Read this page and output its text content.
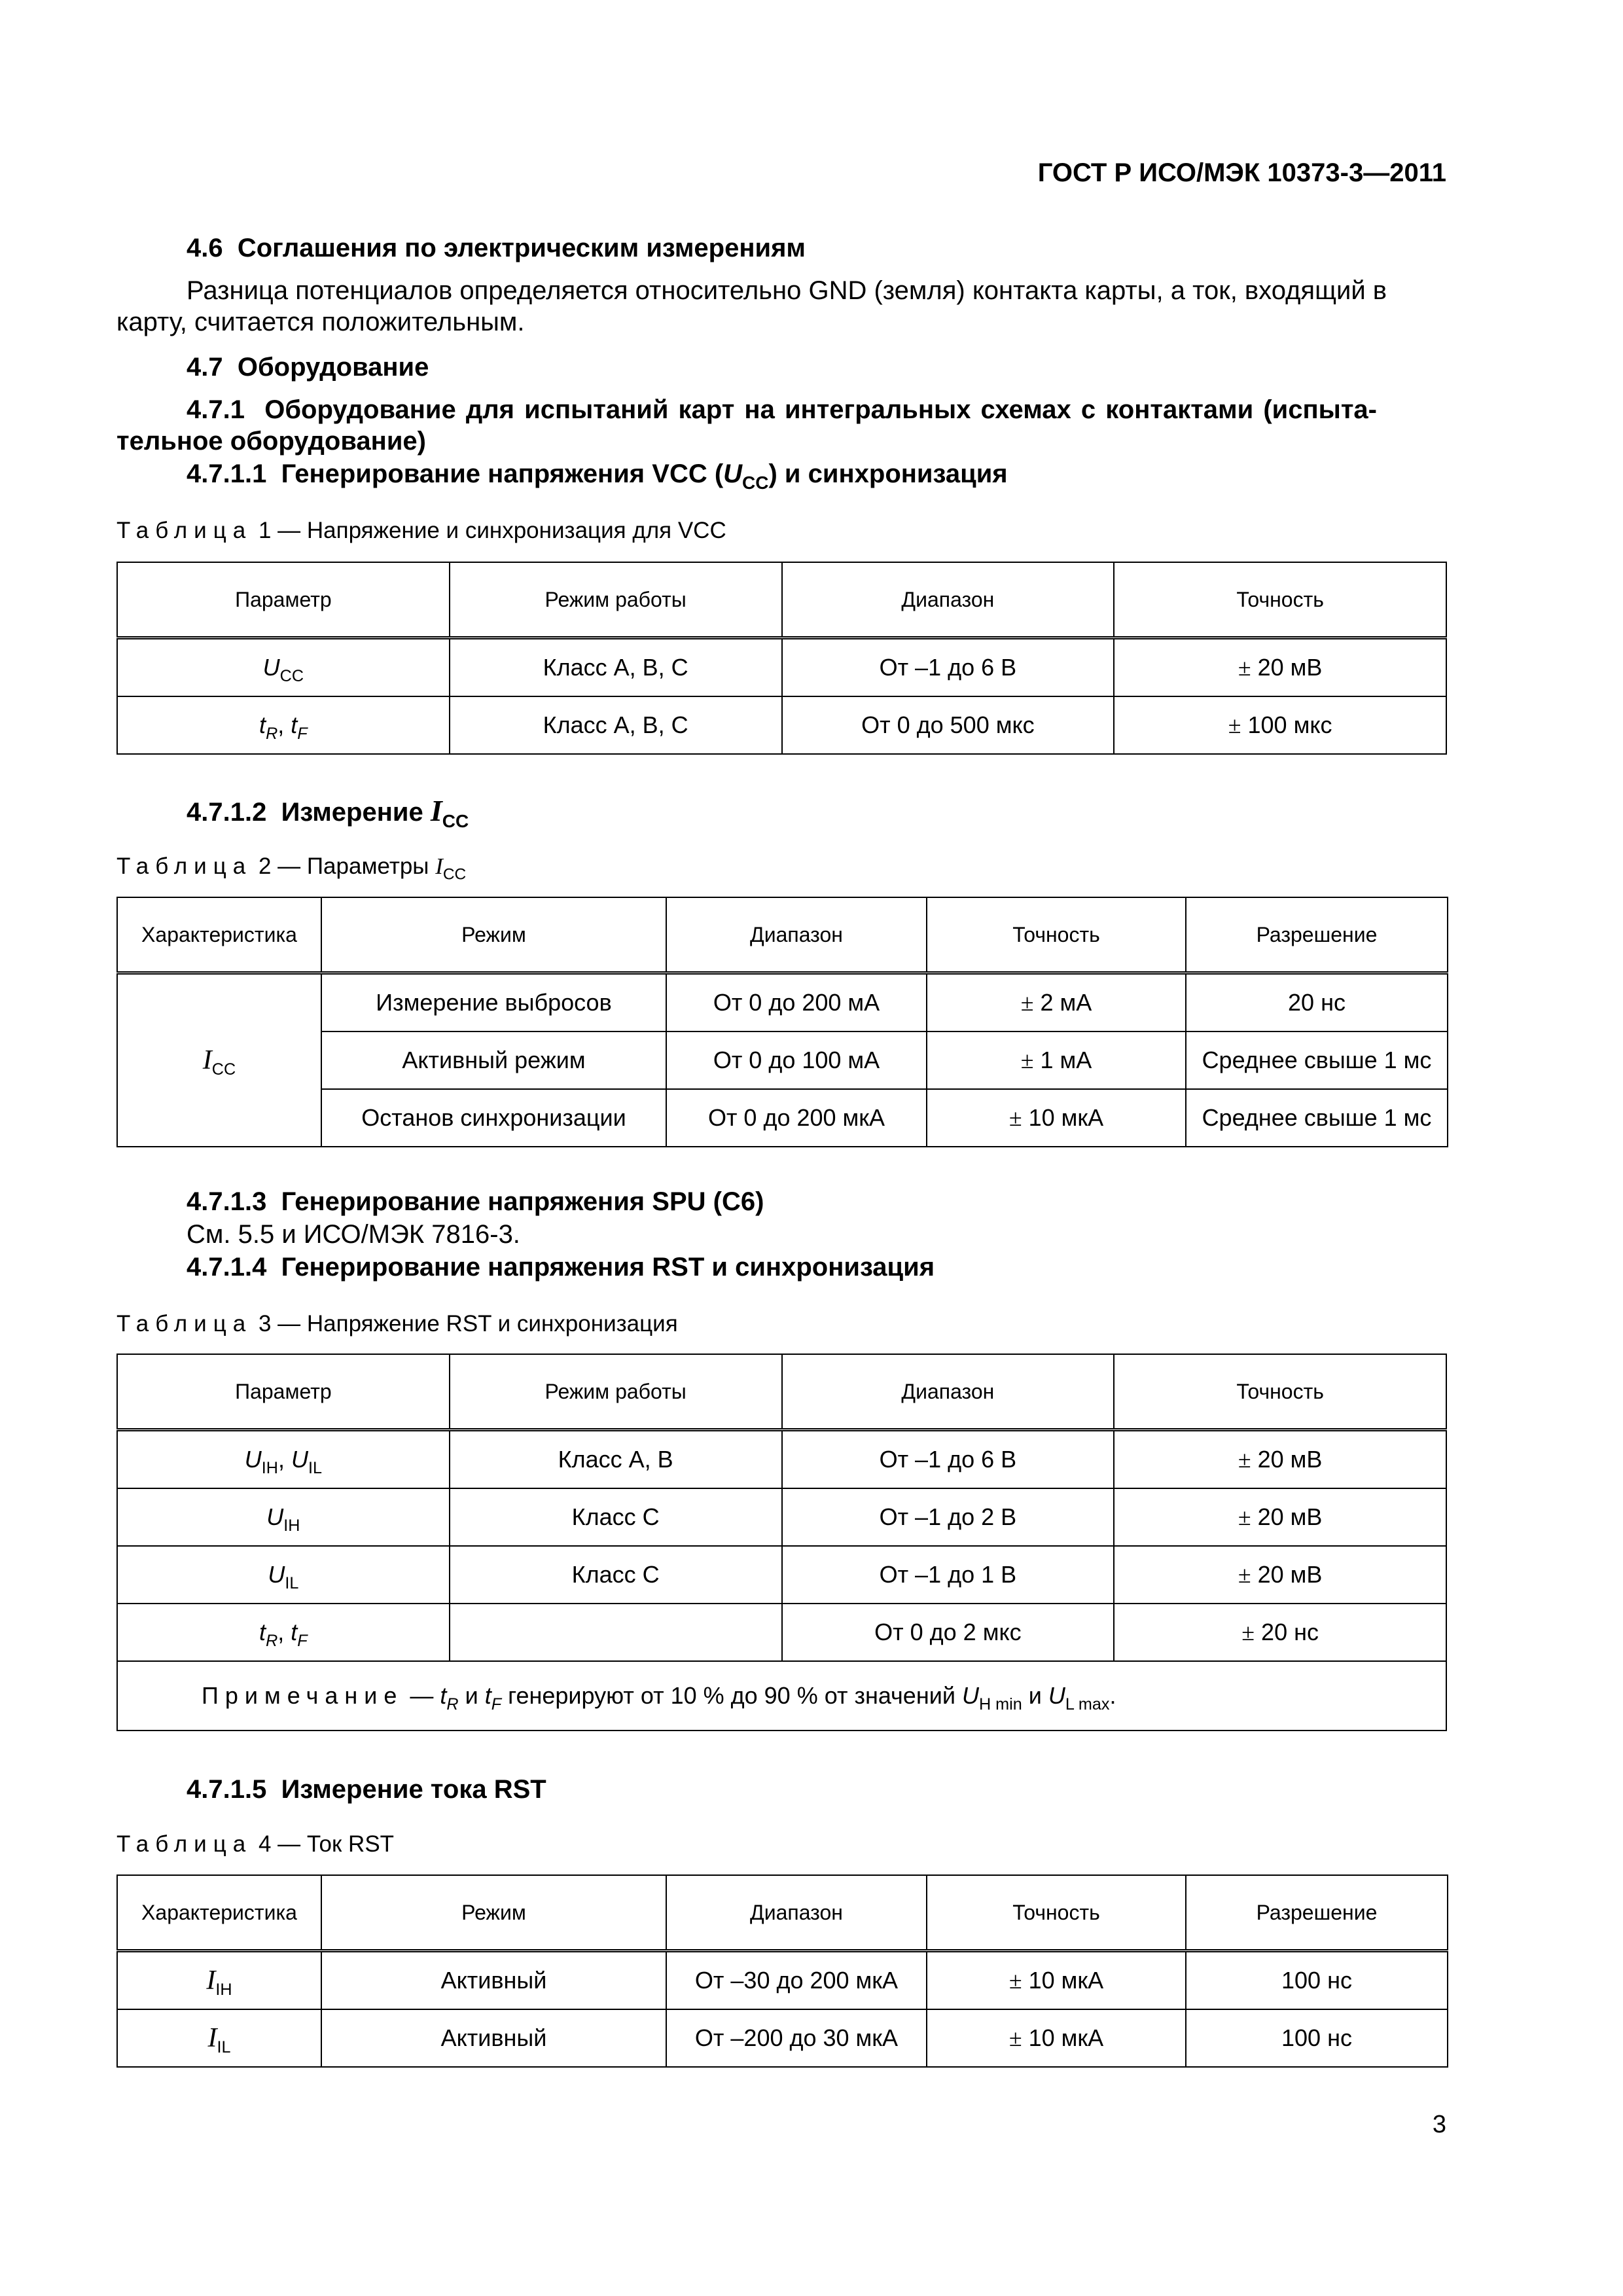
ГОСТ Р ИСО/МЭК 10373-3—2011
4.6 Соглашения по электрическим измерениям
Разница потенциалов определяется относительно GND (земля) контакта карты, а ток, входящий в
карту, считается положительным.
4.7 Оборудование
4.7.1 Оборудование для испытаний карт на интегральных схемах с контактами (испыта-
тельное оборудование)
4.7.1.1 Генерирование напряжения VCC $(U_{CC})$ и синхронизация
Таблица 1 — Напряжение и синхронизация для VCC
Параметр	Режим работы	Диапазон	Точность
$U_{CC}$	Класс А, В, С	От –1 до 6 В	± 20 мВ
$t_R$, $t_F$	Класс А, В, С	От 0 до 500 мкс	± 100 мкс
4.7.1.2 Измерение $I_{CC}$
Таблица 2 — Параметры $I_{CC}$
Характеристика	Режим	Диапазон	Точность	Разрешение
$I_{CC}$	Измерение выбросов	От 0 до 200 мА	± 2 мА	20 нс
	Активный режим	От 0 до 100 мА	± 1 мА	Среднее свыше 1 мс
	Останов синхронизации	От 0 до 200 мкА	± 10 мкА	Среднее свыше 1 мс
4.7.1.3 Генерирование напряжения SPU (C6)
См. 5.5 и ИСО/МЭК 7816-3.
4.7.1.4 Генерирование напряжения RST и синхронизация
Таблица 3 — Напряжение RST и синхронизация
Параметр	Режим работы	Диапазон	Точность
$U_{IH}$, $U_{IL}$	Класс А, В	От –1 до 6 В	± 20 мВ
$U_{IH}$	Класс С	От –1 до 2 В	± 20 мВ
$U_{IL}$	Класс С	От –1 до 1 В	± 20 мВ
$t_R$, $t_F$		От 0 до 2 мкс	± 20 нс
Примечание — $t_R$ и $t_F$ генерируют от 10 % до 90 % от значений $U_{H min}$ и $U_{L max}$.			
4.7.1.5 Измерение тока RST
Таблица 4 — Ток RST
Характеристика	Режим	Диапазон	Точность	Разрешение
$I_{IH}$	Активный	От –30 до 200 мкА	± 10 мкА	100 нс
$I_{IL}$	Активный	От –200 до 30 мкА	± 10 мкА	100 нс
3
